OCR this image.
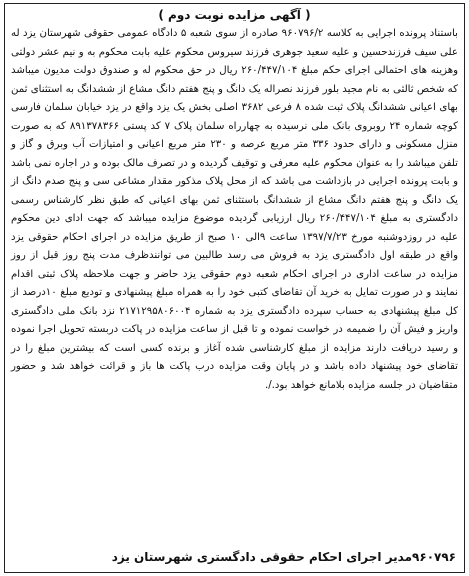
( آگهی مزایده نوبت دوم )

باستناد پرونده اجرایی به کلاسه ۹۶۰۷۹۶/۲ صادره از سوی شعبه ۵ دادگاه عمومی حقوقی شهرستان یزد له علی سیف فرزندحسین و علیه سعید جوهری فرزند سیروس محکوم علیه بابت محکوم به و نیم عشر دولتی وهزینه های احتمالی اجرای حکم مبلغ ۲۶۰/۴۴۷/۱۰۴ ریال در حق محکوم له و صندوق دولت مدیون میباشد که شخص ثالثی به نام مجید بلور فرزند نصراله یک دانگ و پنج هفتم دانگ مشاع از ششدانگ به استثنای ثمن بهای اعیانی ششدانگ پلاک ثبت شده ۸ فرعی ۳۶۸۲ اصلی بخش یک یزد واقع در یزد خیابان سلمان فارسی کوچه شماره ۲۴ روبروی بانک ملی نرسیده به چهارراه سلمان پلاک ۷ کد پستی ۸۹۱۳۷۸۳۶۶ که به صورت منزل مسکونی و دارای حدود ۳۳۶ متر مربع عرصه و ۲۳۰ متر مربع اعیانی و امتیازات آب وبرق و گاز و تلفن میباشد را به عنوان محکوم علیه معرفی و توقیف گردیده و در تصرف مالک بوده و در اجاره نمی باشد و بابت پرونده اجرایی در بازداشت می باشد که از محل پلاک مذکور مقدار مشاعی سی و پنج صدم دانگ از یک دانگ و پنج هفتم دانگ مشاع از ششدانگ باستثنای ثمن بهای اعیانی که طبق نظر کارشناس رسمی دادگستری به مبلغ ۲۶۰/۴۴۷/۱۰۴ ریال ارزیابی گردیده موضوع مزایده میباشد که جهت ادای دین محکوم علیه در روزدوشنبه مورخ ۱۳۹۷/۷/۲۳ ساعت ۹الی ۱۰ صبح از طریق مزایده در اجرای احکام حقوقی یزد واقع در طبقه اول دادگستری یزد به فروش می رسد طالبین می توانندظرف مدت پنج روز قبل از روز مزایده در ساعت اداری در اجرای احکام شعبه دوم حقوقی یزد حاضر و جهت ملاحظه پلاک ثبتی اقدام نمایند و در صورت تمایل به خرید آن تقاضای کتبی خود را به همراه مبلغ پیشنهادی و تودیع مبلغ ۱۰درصد از کل مبلغ پیشنهادی به حساب سپرده دادگستری یزد به شماره ۲۱۷۱۲۹۵۸۰۶۰۰۴ نزد بانک ملی دادگستری واریز و فیش آن را ضمیمه در خواست نموده و تا قبل از ساعت مزایده در پاکت دربسته تحویل اجرا نموده و رسید دریافت دارند مزایده از مبلغ کارشناسی شده آغاز و برنده کسی است که بیشترین مبلغ را در تقاضای خود پیشنهاد داده باشد و در پایان وقت مزایده درب پاکت ها باز و قرائت خواهد شد و حضور متقاضیان در جلسه مزایده بلامانع خواهد بود./.

۹۶۰۷۹۶مدیر اجرای احکام حقوقی دادگستری شهرستان یزد
